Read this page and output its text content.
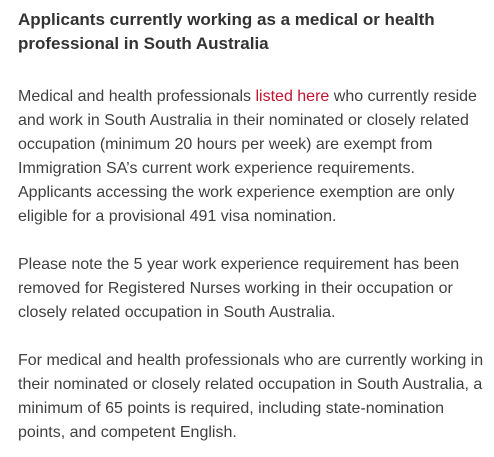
Applicants currently working as a medical or health professional in South Australia

Medical and health professionals listed here who currently reside and work in South Australia in their nominated or closely related occupation (minimum 20 hours per week) are exempt from Immigration SA’s current work experience requirements. Applicants accessing the work experience exemption are only eligible for a provisional 491 visa nomination.

Please note the 5 year work experience requirement has been removed for Registered Nurses working in their occupation or closely related occupation in South Australia.

For medical and health professionals who are currently working in their nominated or closely related occupation in South Australia, a minimum of 65 points is required, including state-nomination points, and competent English.
